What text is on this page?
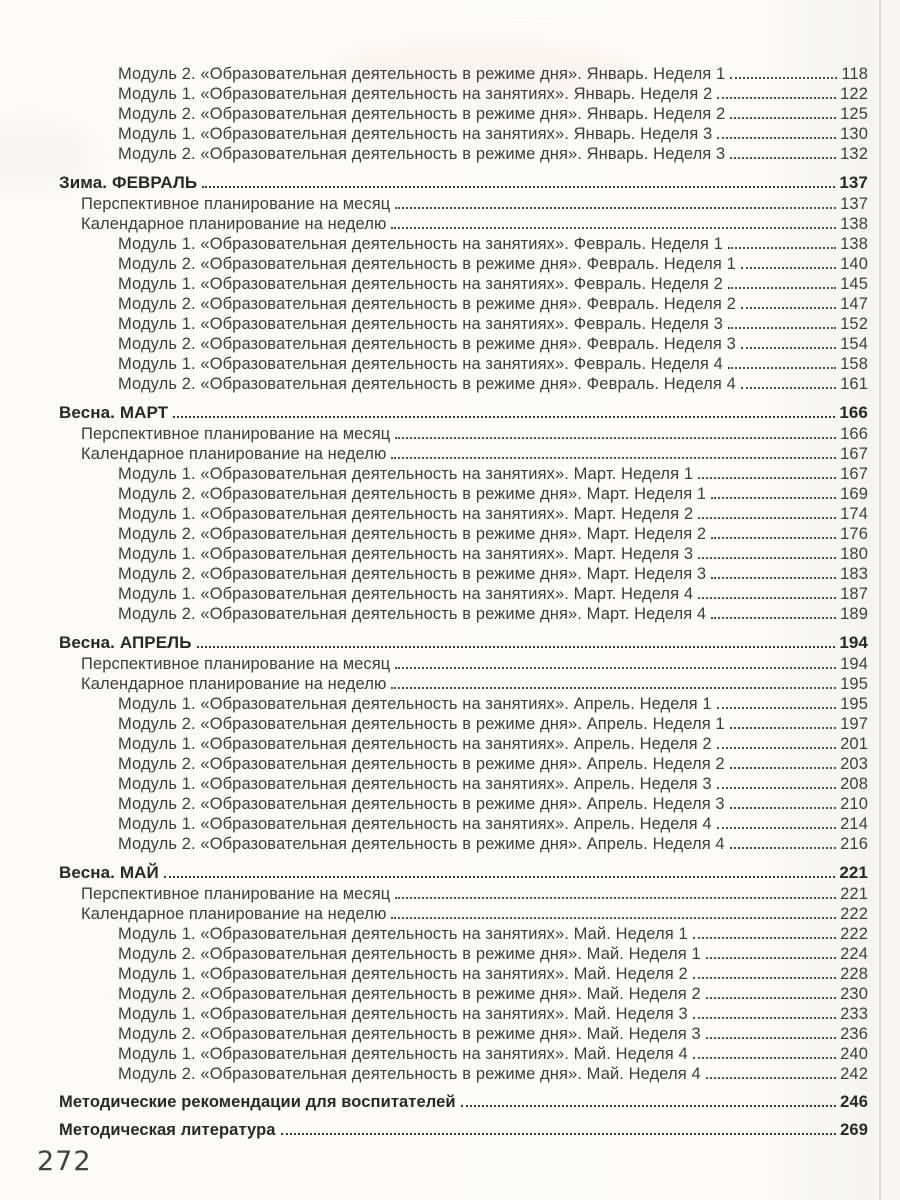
Модуль 2. «Образовательная деятельность в режиме дня». Январь. Неделя 1	118
Модуль 1. «Образовательная деятельность на занятиях». Январь. Неделя 2	122
Модуль 2. «Образовательная деятельность в режиме дня». Январь. Неделя 2	125
Модуль 1. «Образовательная деятельность на занятиях». Январь. Неделя 3	130
Модуль 2. «Образовательная деятельность в режиме дня». Январь. Неделя 3	132
Зима. ФЕВРАЛЬ	137
Перспективное планирование на месяц	137
Календарное планирование на неделю	138
Модуль 1. «Образовательная деятельность на занятиях». Февраль. Неделя 1	138
Модуль 2. «Образовательная деятельность в режиме дня». Февраль. Неделя 1	140
Модуль 1. «Образовательная деятельность на занятиях». Февраль. Неделя 2	145
Модуль 2. «Образовательная деятельность в режиме дня». Февраль. Неделя 2	147
Модуль 1. «Образовательная деятельность на занятиях». Февраль. Неделя 3	152
Модуль 2. «Образовательная деятельность в режиме дня». Февраль. Неделя 3	154
Модуль 1. «Образовательная деятельность на занятиях». Февраль. Неделя 4	158
Модуль 2. «Образовательная деятельность в режиме дня». Февраль. Неделя 4	161
Весна. МАРТ	166
Перспективное планирование на месяц	166
Календарное планирование на неделю	167
Модуль 1. «Образовательная деятельность на занятиях». Март. Неделя 1	167
Модуль 2. «Образовательная деятельность в режиме дня». Март. Неделя 1	169
Модуль 1. «Образовательная деятельность на занятиях». Март. Неделя 2	174
Модуль 2. «Образовательная деятельность в режиме дня». Март. Неделя 2	176
Модуль 1. «Образовательная деятельность на занятиях». Март. Неделя 3	180
Модуль 2. «Образовательная деятельность в режиме дня». Март. Неделя 3	183
Модуль 1. «Образовательная деятельность на занятиях». Март. Неделя 4	187
Модуль 2. «Образовательная деятельность в режиме дня». Март. Неделя 4	189
Весна. АПРЕЛЬ	194
Перспективное планирование на месяц	194
Календарное планирование на неделю	195
Модуль 1. «Образовательная деятельность на занятиях». Апрель. Неделя 1	195
Модуль 2. «Образовательная деятельность в режиме дня». Апрель. Неделя 1	197
Модуль 1. «Образовательная деятельность на занятиях». Апрель. Неделя 2	201
Модуль 2. «Образовательная деятельность в режиме дня». Апрель. Неделя 2	203
Модуль 1. «Образовательная деятельность на занятиях». Апрель. Неделя 3	208
Модуль 2. «Образовательная деятельность в режиме дня». Апрель. Неделя 3	210
Модуль 1. «Образовательная деятельность на занятиях». Апрель. Неделя 4	214
Модуль 2. «Образовательная деятельность в режиме дня». Апрель. Неделя 4	216
Весна. МАЙ	221
Перспективное планирование на месяц	221
Календарное планирование на неделю	222
Модуль 1. «Образовательная деятельность на занятиях». Май. Неделя 1	222
Модуль 2. «Образовательная деятельность в режиме дня». Май. Неделя 1	224
Модуль 1. «Образовательная деятельность на занятиях». Май. Неделя 2	228
Модуль 2. «Образовательная деятельность в режиме дня». Май. Неделя 2	230
Модуль 1. «Образовательная деятельность на занятиях». Май. Неделя 3	233
Модуль 2. «Образовательная деятельность в режиме дня». Май. Неделя 3	236
Модуль 1. «Образовательная деятельность на занятиях». Май. Неделя 4	240
Модуль 2. «Образовательная деятельность в режиме дня». Май. Неделя 4	242
Методические рекомендации для воспитателей	246
Методическая литература	269
272
